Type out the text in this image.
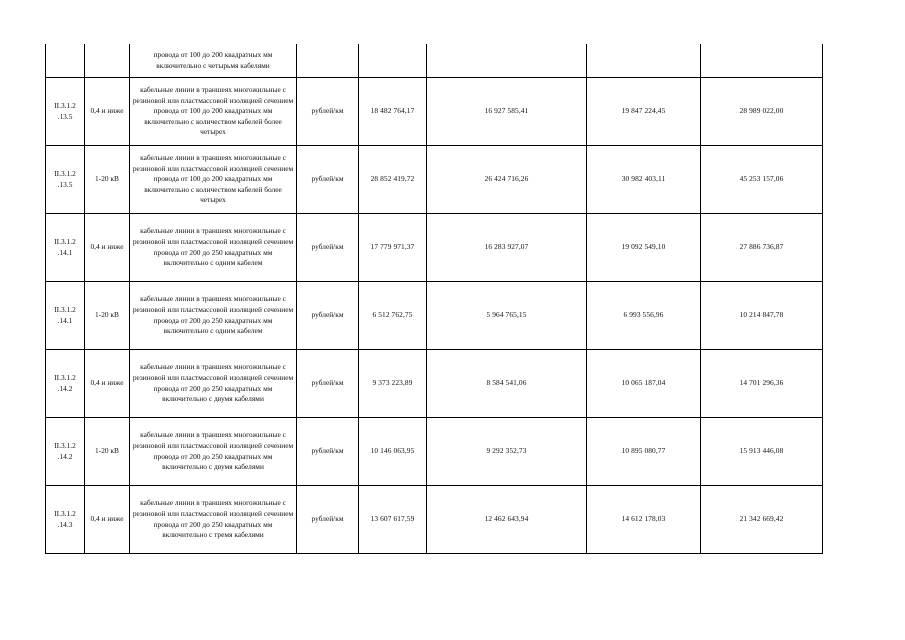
		провода от 100 до 200 квадратных мм включительно с четырьмя кабелями					
II.3.1.2 .13.5	0,4 и ниже	кабельные линии в траншеях многожильные с резиновой или пластмассовой изоляцией сечением провода от 100 до 200 квадратных мм включительно с количеством кабелей более четырех	рублей/км	18 482 764,17	16 927 585,41	19 847 224,45	28 989 022,00
II.3.1.2 .13.5	1-20 кВ	кабельные линии в траншеях многожильные с резиновой или пластмассовой изоляцией сечением провода от 100 до 200 квадратных мм включительно с количеством кабелей более четырех	рублей/км	28 852 419,72	26 424 716,26	30 982 403,11	45 253 157,06
II.3.1.2 .14.1	0,4 и ниже	кабельные линии в траншеях многожильные с резиновой или пластмассовой изоляцией сечением провода от 200 до 250 квадратных мм включительно с одним кабелем	рублей/км	17 779 971,37	16 283 927,07	19 092 549,10	27 886 736,87
II.3.1.2 .14.1	1-20 кВ	кабельные линии в траншеях многожильные с резиновой или пластмассовой изоляцией сечением провода от 200 до 250 квадратных мм включительно с одним кабелем	рублей/км	6 512 762,75	5 964 765,15	6 993 556,96	10 214 847,78
II.3.1.2 .14.2	0,4 и ниже	кабельные линии в траншеях многожильные с резиновой или пластмассовой изоляцией сечением провода от 200 до 250 квадратных мм включительно с двумя кабелями	рублей/км	9 373 223,89	8 584 541,06	10 065 187,04	14 701 296,36
II.3.1.2 .14.2	1-20 кВ	кабельные линии в траншеях многожильные с резиновой или пластмассовой изоляцией сечением провода от 200 до 250 квадратных мм включительно с двумя кабелями	рублей/км	10 146 063,95	9 292 352,73	10 895 080,77	15 913 446,08
II.3.1.2 .14.3	0,4 и ниже	кабельные линии в траншеях многожильные с резиновой или пластмассовой изоляцией сечением провода от 200 до 250 квадратных мм включительно с тремя кабелями	рублей/км	13 607 617,59	12 462 643,94	14 612 178,03	21 342 669,42
